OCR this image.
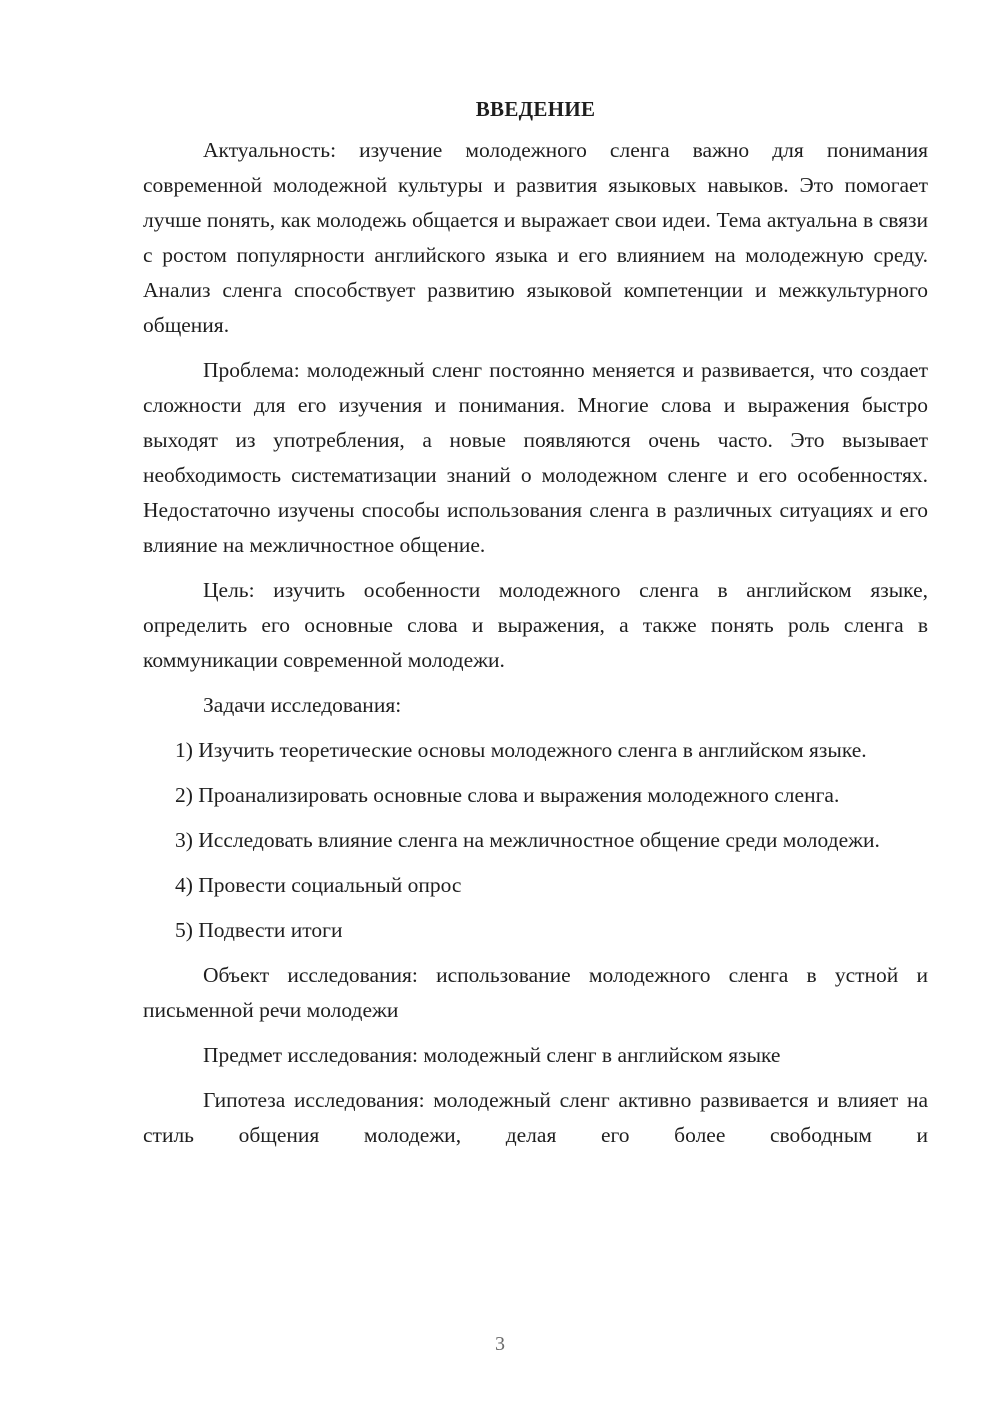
ВВЕДЕНИЕ

Актуальность: изучение молодежного сленга важно для понимания современной молодежной культуры и развития языковых навыков. Это помогает лучше понять, как молодежь общается и выражает свои идеи. Тема актуальна в связи с ростом популярности английского языка и его влиянием на молодежную среду. Анализ сленга способствует развитию языковой компетенции и межкультурного общения.

Проблема: молодежный сленг постоянно меняется и развивается, что создает сложности для его изучения и понимания. Многие слова и выражения быстро выходят из употребления, а новые появляются очень часто. Это вызывает необходимость систематизации знаний о молодежном сленге и его особенностях. Недостаточно изучены способы использования сленга в различных ситуациях и его влияние на межличностное общение.

Цель: изучить особенности молодежного сленга в английском языке, определить его основные слова и выражения, а также понять роль сленга в коммуникации современной молодежи.

Задачи исследования:

1) Изучить теоретические основы молодежного сленга в английском языке.

2) Проанализировать основные слова и выражения молодежного сленга.

3) Исследовать влияние сленга на межличностное общение среди молодежи.

4) Провести социальный опрос

5) Подвести итоги

Объект исследования: использование молодежного сленга в устной и письменной речи молодежи

Предмет исследования: молодежный сленг в английском языке

Гипотеза исследования: молодежный сленг активно развивается и влияет на стиль общения молодежи, делая его более свободным и

3
